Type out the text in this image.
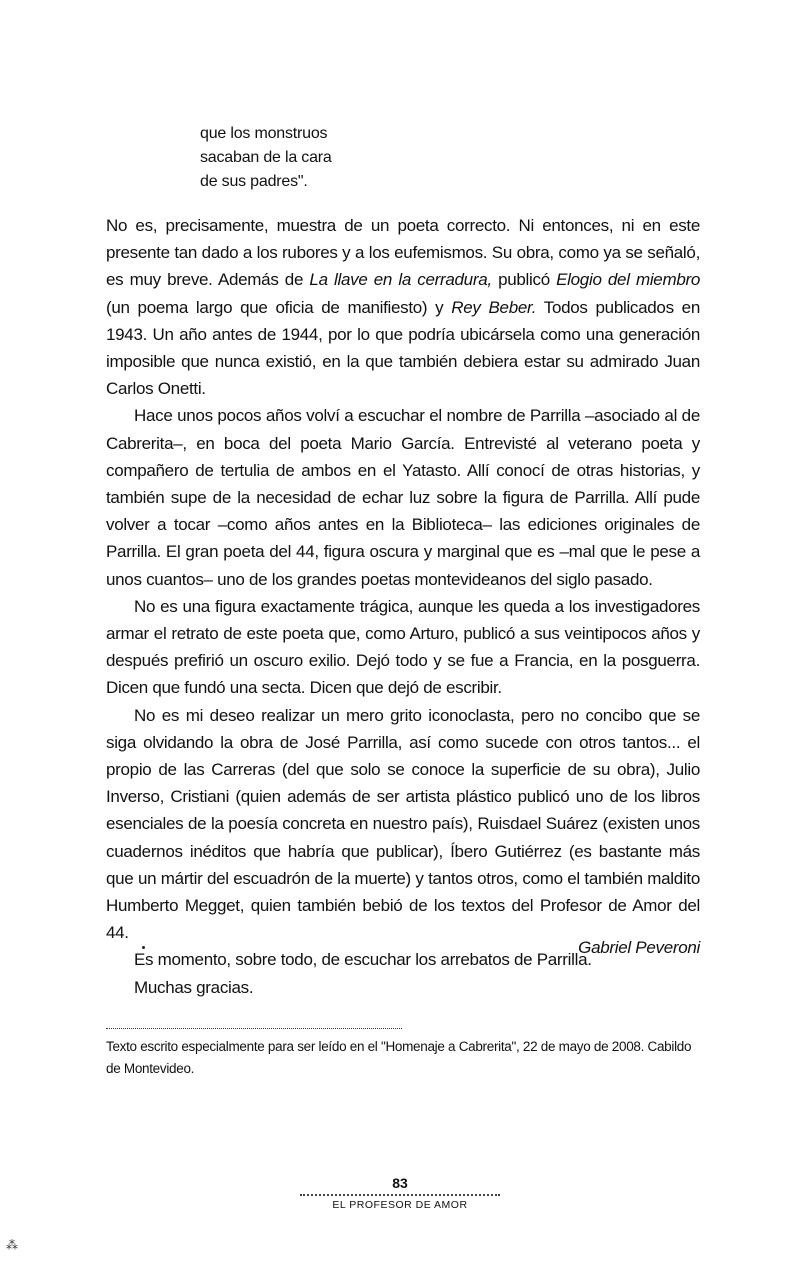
que los monstruos
sacaban de la cara
de sus padres".

No es, precisamente, muestra de un poeta correcto. Ni entonces, ni en este presente tan dado a los rubores y a los eufemismos. Su obra, como ya se señaló, es muy breve. Además de La llave en la cerradura, publicó Elogio del miembro (un poema largo que oficia de manifiesto) y Rey Beber. Todos publicados en 1943. Un año antes de 1944, por lo que podría ubicársela como una generación imposible que nunca existió, en la que también debiera estar su admirado Juan Carlos Onetti.

Hace unos pocos años volví a escuchar el nombre de Parrilla –asociado al de Cabrerita–, en boca del poeta Mario García. Entrevisté al veterano poeta y compañero de tertulia de ambos en el Yatasto. Allí conocí de otras historias, y también supe de la necesidad de echar luz sobre la figura de Parrilla. Allí pude volver a tocar –como años antes en la Biblioteca– las ediciones originales de Parrilla. El gran poeta del 44, figura oscura y marginal que es –mal que le pese a unos cuantos– uno de los grandes poetas montevideanos del siglo pasado.

No es una figura exactamente trágica, aunque les queda a los investigadores armar el retrato de este poeta que, como Arturo, publicó a sus veintipocos años y después prefirió un oscuro exilio. Dejó todo y se fue a Francia, en la posguerra. Dicen que fundó una secta. Dicen que dejó de escribir.

No es mi deseo realizar un mero grito iconoclasta, pero no concibo que se siga olvidando la obra de José Parrilla, así como sucede con otros tantos... el propio de las Carreras (del que solo se conoce la superficie de su obra), Julio Inverso, Cristiani (quien además de ser artista plástico publicó uno de los libros esenciales de la poesía concreta en nuestro país), Ruisdael Suárez (existen unos cuadernos inéditos que habría que publicar), Íbero Gutiérrez (es bastante más que un mártir del escuadrón de la muerte) y tantos otros, como el también maldito Humberto Megget, quien también bebió de los textos del Profesor de Amor del 44.

Es momento, sobre todo, de escuchar los arrebatos de Parrilla.

Muchas gracias.

Gabriel Peveroni
Texto escrito especialmente para ser leído en el "Homenaje a Cabrerita", 22 de mayo de 2008. Cabildo de Montevideo.
83
EL PROFESOR DE AMOR
⁂
